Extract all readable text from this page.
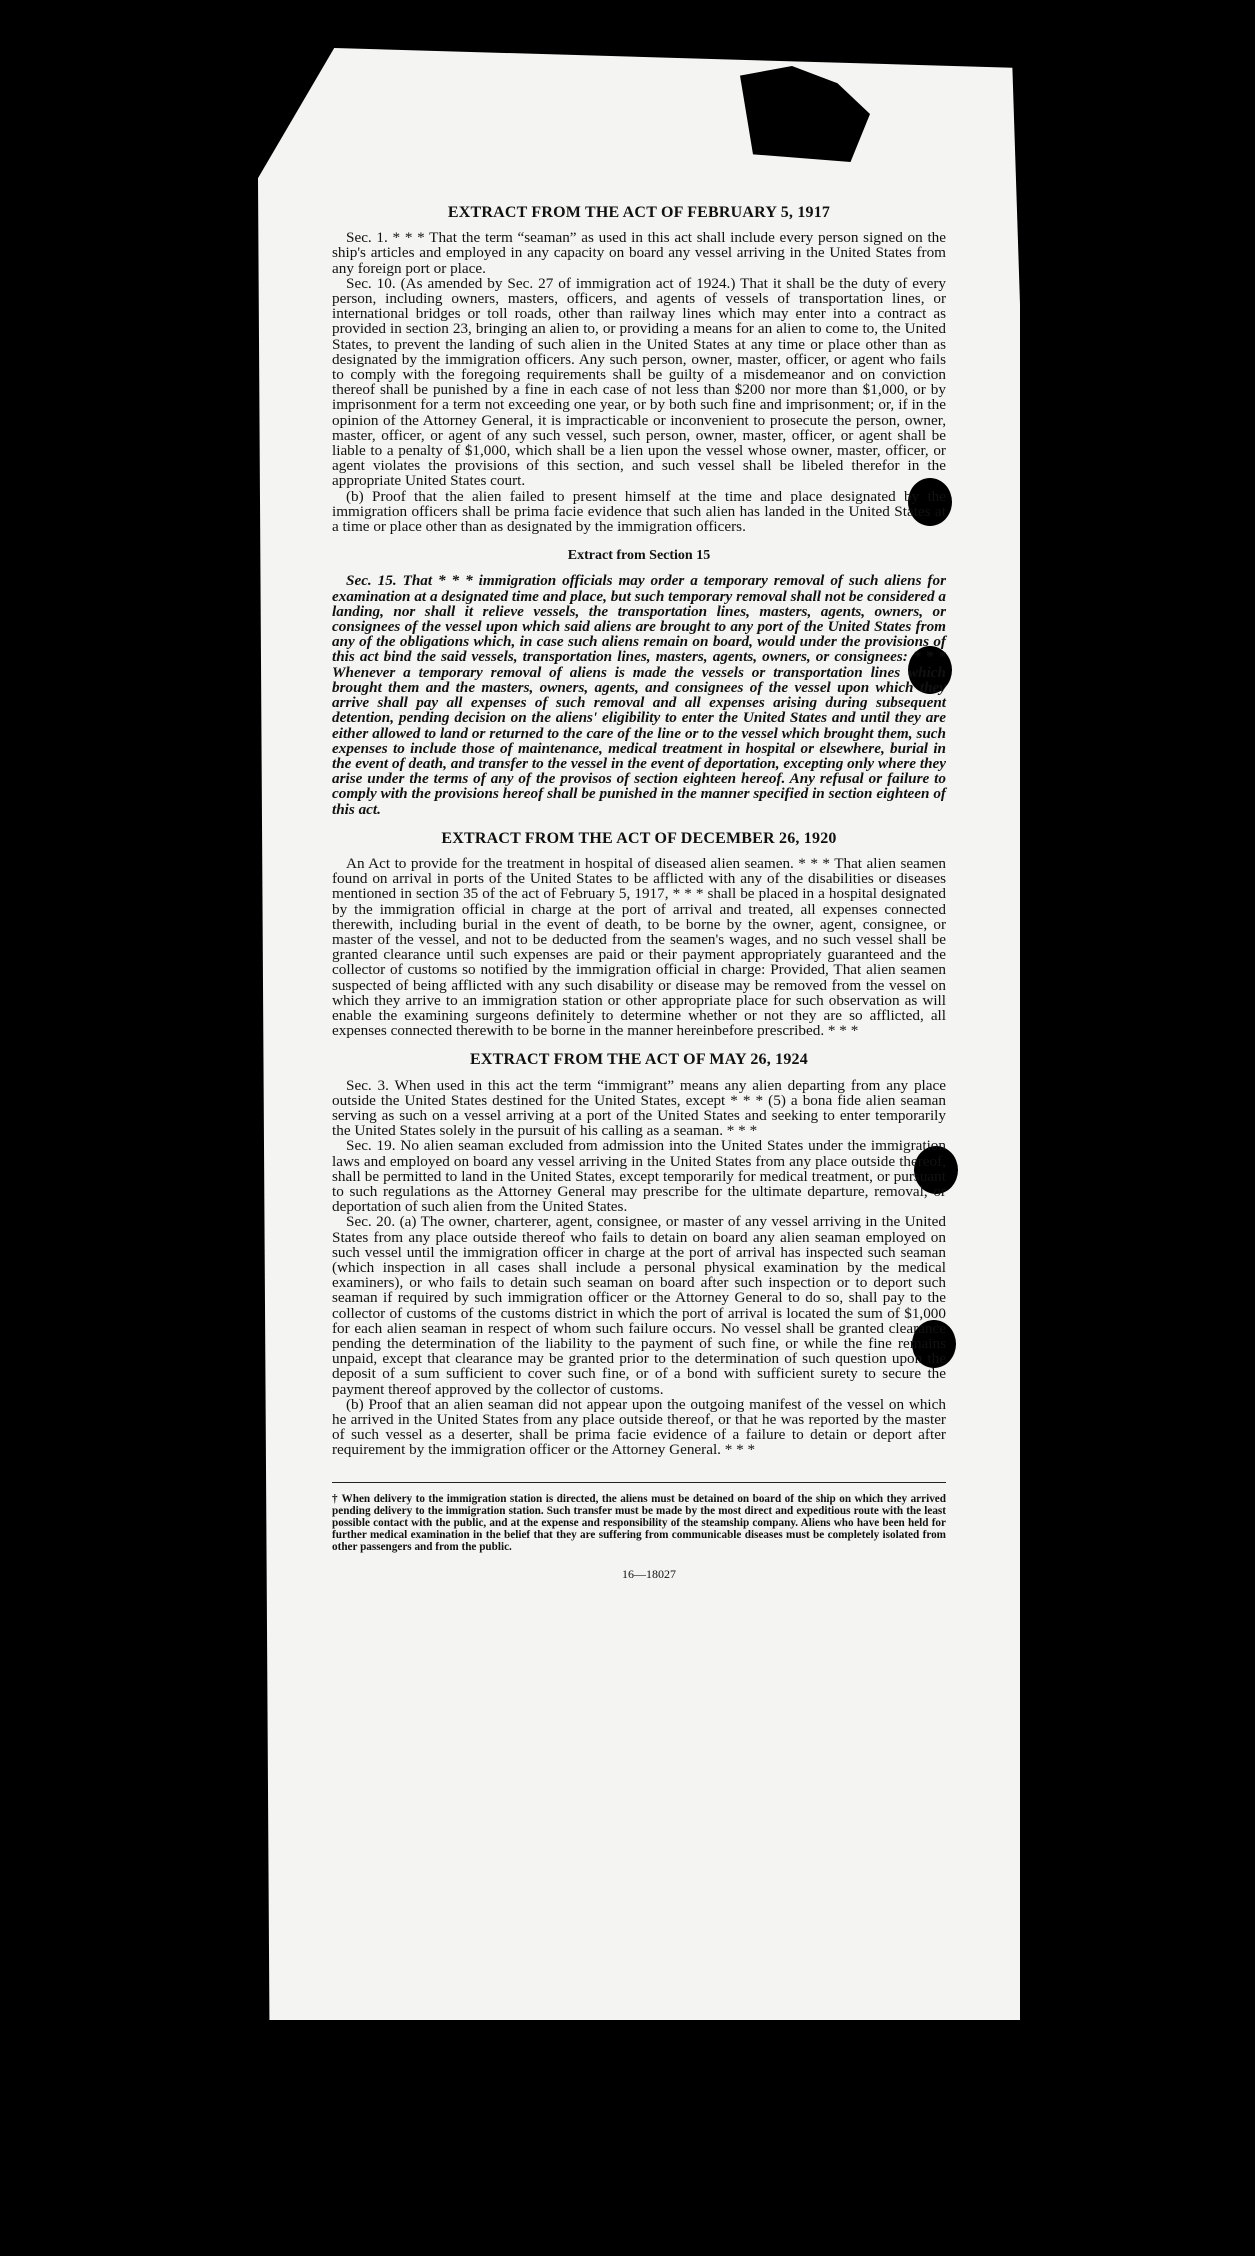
EXTRACT FROM THE ACT OF FEBRUARY 5, 1917

Sec. 1. * * * That the term “seaman” as used in this act shall include every person signed on the ship's articles and employed in any capacity on board any vessel arriving in the United States from any foreign port or place.

Sec. 10. (As amended by Sec. 27 of immigration act of 1924.) That it shall be the duty of every person, including owners, masters, officers, and agents of vessels of transportation lines, or international bridges or toll roads, other than railway lines which may enter into a contract as provided in section 23, bringing an alien to, or providing a means for an alien to come to, the United States, to prevent the landing of such alien in the United States at any time or place other than as designated by the immigration officers. Any such person, owner, master, officer, or agent who fails to comply with the foregoing requirements shall be guilty of a misdemeanor and on conviction thereof shall be punished by a fine in each case of not less than $200 nor more than $1,000, or by imprisonment for a term not exceeding one year, or by both such fine and imprisonment; or, if in the opinion of the Attorney General, it is impracticable or inconvenient to prosecute the person, owner, master, officer, or agent of any such vessel, such person, owner, master, officer, or agent shall be liable to a penalty of $1,000, which shall be a lien upon the vessel whose owner, master, officer, or agent violates the provisions of this section, and such vessel shall be libeled therefor in the appropriate United States court.

(b) Proof that the alien failed to present himself at the time and place designated by the immigration officers shall be prima facie evidence that such alien has landed in the United States at a time or place other than as designated by the immigration officers.

Extract from Section 15

Sec. 15. That * * * immigration officials may order a temporary removal of such aliens for examination at a designated time and place, but such temporary removal shall not be considered a landing, nor shall it relieve vessels, the transportation lines, masters, agents, owners, or consignees of the vessel upon which said aliens are brought to any port of the United States from any of the obligations which, in case such aliens remain on board, would under the provisions of this act bind the said vessels, transportation lines, masters, agents, owners, or consignees: * * * Whenever a temporary removal of aliens is made the vessels or transportation lines which brought them and the masters, owners, agents, and consignees of the vessel upon which they arrive shall pay all expenses of such removal and all expenses arising during subsequent detention, pending decision on the aliens' eligibility to enter the United States and until they are either allowed to land or returned to the care of the line or to the vessel which brought them, such expenses to include those of maintenance, medical treatment in hospital or elsewhere, burial in the event of death, and transfer to the vessel in the event of deportation, excepting only where they arise under the terms of any of the provisos of section eighteen hereof. Any refusal or failure to comply with the provisions hereof shall be punished in the manner specified in section eighteen of this act.

EXTRACT FROM THE ACT OF DECEMBER 26, 1920

An Act to provide for the treatment in hospital of diseased alien seamen. * * * That alien seamen found on arrival in ports of the United States to be afflicted with any of the disabilities or diseases mentioned in section 35 of the act of February 5, 1917, * * * shall be placed in a hospital designated by the immigration official in charge at the port of arrival and treated, all expenses connected therewith, including burial in the event of death, to be borne by the owner, agent, consignee, or master of the vessel, and not to be deducted from the seamen's wages, and no such vessel shall be granted clearance until such expenses are paid or their payment appropriately guaranteed and the collector of customs so notified by the immigration official in charge: Provided, That alien seamen suspected of being afflicted with any such disability or disease may be removed from the vessel on which they arrive to an immigration station or other appropriate place for such observation as will enable the examining surgeons definitely to determine whether or not they are so afflicted, all expenses connected therewith to be borne in the manner hereinbefore prescribed. * * *

EXTRACT FROM THE ACT OF MAY 26, 1924

Sec. 3. When used in this act the term “immigrant” means any alien departing from any place outside the United States destined for the United States, except * * * (5) a bona fide alien seaman serving as such on a vessel arriving at a port of the United States and seeking to enter temporarily the United States solely in the pursuit of his calling as a seaman. * * *

Sec. 19. No alien seaman excluded from admission into the United States under the immigration laws and employed on board any vessel arriving in the United States from any place outside thereof, shall be permitted to land in the United States, except temporarily for medical treatment, or pursuant to such regulations as the Attorney General may prescribe for the ultimate departure, removal, or deportation of such alien from the United States.

Sec. 20. (a) The owner, charterer, agent, consignee, or master of any vessel arriving in the United States from any place outside thereof who fails to detain on board any alien seaman employed on such vessel until the immigration officer in charge at the port of arrival has inspected such seaman (which inspection in all cases shall include a personal physical examination by the medical examiners), or who fails to detain such seaman on board after such inspection or to deport such seaman if required by such immigration officer or the Attorney General to do so, shall pay to the collector of customs of the customs district in which the port of arrival is located the sum of $1,000 for each alien seaman in respect of whom such failure occurs. No vessel shall be granted clearance pending the determination of the liability to the payment of such fine, or while the fine remains unpaid, except that clearance may be granted prior to the determination of such question upon the deposit of a sum sufficient to cover such fine, or of a bond with sufficient surety to secure the payment thereof approved by the collector of customs.

(b) Proof that an alien seaman did not appear upon the outgoing manifest of the vessel on which he arrived in the United States from any place outside thereof, or that he was reported by the master of such vessel as a deserter, shall be prima facie evidence of a failure to detain or deport after requirement by the immigration officer or the Attorney General. * * *

† When delivery to the immigration station is directed, the aliens must be detained on board of the ship on which they arrived pending delivery to the immigration station. Such transfer must be made by the most direct and expeditious route with the least possible contact with the public, and at the expense and responsibility of the steamship company. Aliens who have been held for further medical examination in the belief that they are suffering from communicable diseases must be completely isolated from other passengers and from the public.
16—18027
